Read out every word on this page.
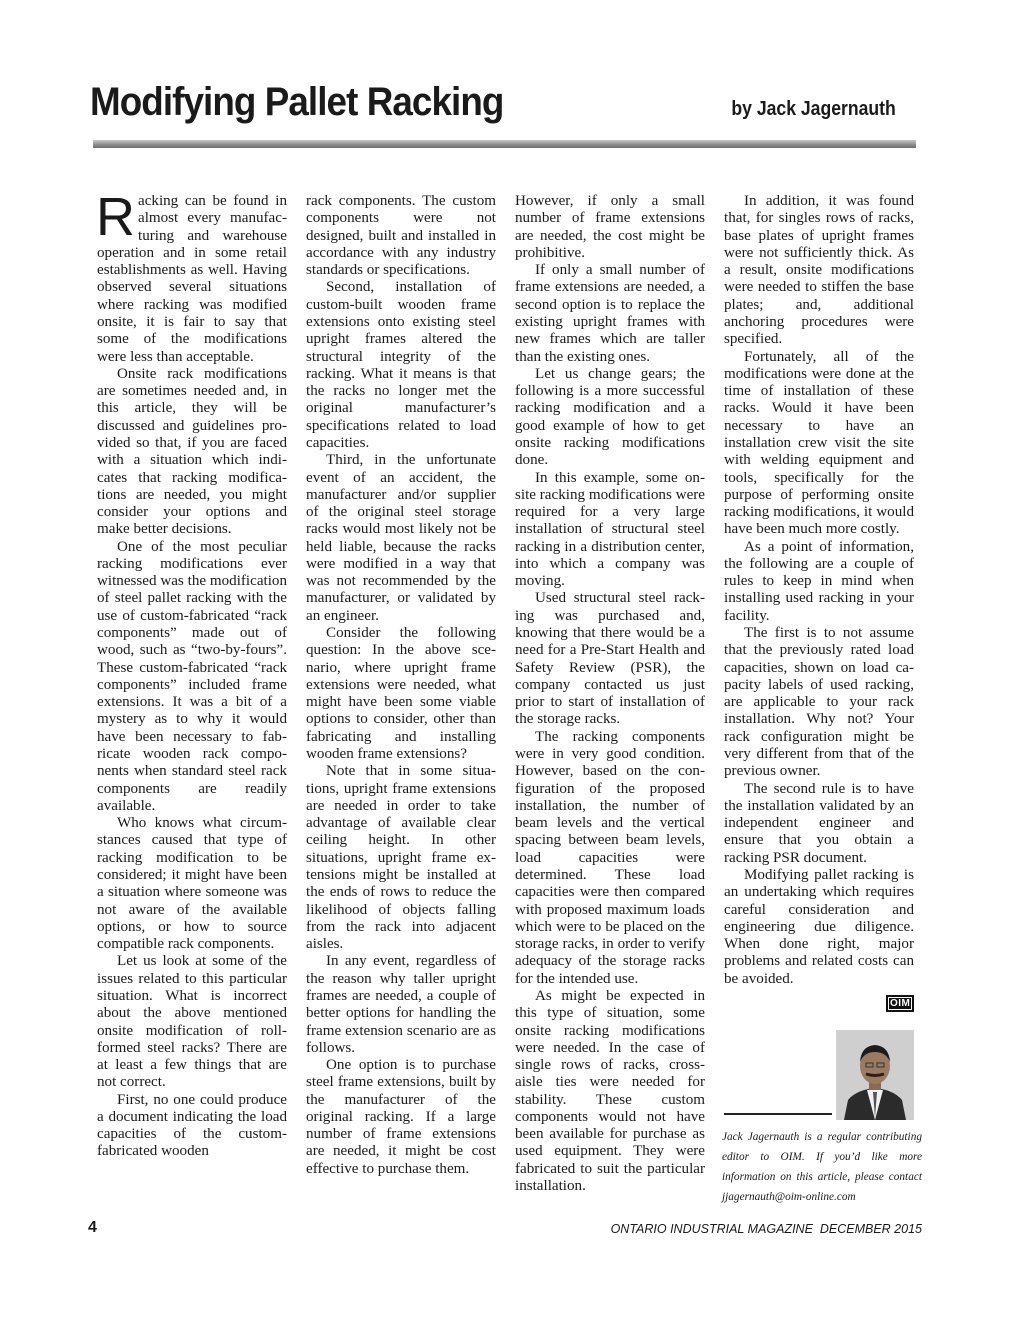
Modifying Pallet Racking	by Jack Jagernauth

Racking can be found in almost every manufacturing and warehouse operation and in some retail establishments as well. Having observed several situations where racking was modified onsite, it is fair to say that some of the modifications were less than acceptable.

Onsite rack modifications are sometimes needed and, in this article, they will be discussed and guidelines provided so that, if you are faced with a situation which indicates that racking modifications are needed, you might consider your options and make better decisions.

One of the most peculiar racking modifications ever witnessed was the modification of steel pallet racking with the use of custom-fabricated “rack components” made out of wood, such as “two-by-fours”. These custom-fabricated “rack components” included frame extensions. It was a bit of a mystery as to why it would have been necessary to fabricate wooden rack components when standard steel rack components are readily available.

Who knows what circumstances caused that type of racking modification to be considered; it might have been a situation where someone was not aware of the available options, or how to source compatible rack components.

Let us look at some of the issues related to this particular situation. What is incorrect about the above mentioned onsite modification of roll-formed steel racks? There are at least a few things that are not correct.

First, no one could produce a document indicating the load capacities of the custom-fabricated wooden

rack components. The custom components were not designed, built and installed in accordance with any industry standards or specifications.

Second, installation of custom-built wooden frame extensions onto existing steel upright frames altered the structural integrity of the racking. What it means is that the racks no longer met the original manufacturer’s specifications related to load capacities.

Third, in the unfortunate event of an accident, the manufacturer and/or supplier of the original steel storage racks would most likely not be held liable, because the racks were modified in a way that was not recommended by the manufacturer, or validated by an engineer.

Consider the following question: In the above scenario, where upright frame extensions were needed, what might have been some viable options to consider, other than fabricating and installing wooden frame extensions?

Note that in some situations, upright frame extensions are needed in order to take advantage of available clear ceiling height. In other situations, upright frame extensions might be installed at the ends of rows to reduce the likelihood of objects falling from the rack into adjacent aisles.

In any event, regardless of the reason why taller upright frames are needed, a couple of better options for handling the frame extension scenario are as follows.

One option is to purchase steel frame extensions, built by the manufacturer of the original racking. If a large number of frame extensions are needed, it might be cost effective to purchase them.

However, if only a small number of frame extensions are needed, the cost might be prohibitive.

If only a small number of frame extensions are needed, a second option is to replace the existing upright frames with new frames which are taller than the existing ones.

Let us change gears; the following is a more successful racking modification and a good example of how to get onsite racking modifications done.

In this example, some onsite racking modifications were required for a very large installation of structural steel racking in a distribution center, into which a company was moving.

Used structural steel racking was purchased and, knowing that there would be a need for a Pre-Start Health and Safety Review (PSR), the company contacted us just prior to start of installation of the storage racks.

The racking components were in very good condition. However, based on the configuration of the proposed installation, the number of beam levels and the vertical spacing between beam levels, load capacities were determined. These load capacities were then compared with proposed maximum loads which were to be placed on the storage racks, in order to verify adequacy of the storage racks for the intended use.

As might be expected in this type of situation, some onsite racking modifications were needed. In the case of single rows of racks, cross-aisle ties were needed for stability. These custom components would not have been available for purchase as used equipment. They were fabricated to suit the particular installation.

In addition, it was found that, for singles rows of racks, base plates of upright frames were not sufficiently thick. As a result, onsite modifications were needed to stiffen the base plates; and, additional anchoring procedures were specified.

Fortunately, all of the modifications were done at the time of installation of these racks. Would it have been necessary to have an installation crew visit the site with welding equipment and tools, specifically for the purpose of performing onsite racking modifications, it would have been much more costly.

As a point of information, the following are a couple of rules to keep in mind when installing used racking in your facility.

The first is to not assume that the previously rated load capacities, shown on load capacity labels of used racking, are applicable to your rack installation. Why not? Your rack configuration might be very different from that of the previous owner.

The second rule is to have the installation validated by an independent engineer and ensure that you obtain a racking PSR document.

Modifying pallet racking is an undertaking which requires careful consideration and engineering due diligence. When done right, major problems and related costs can be avoided.

OIM
Jack Jagernauth is a regular contributing editor to OIM. If you’d like more information on this article, please contact jjagernauth@oim-online.com
4	ONTARIO INDUSTRIAL MAGAZINE  DECEMBER 2015
